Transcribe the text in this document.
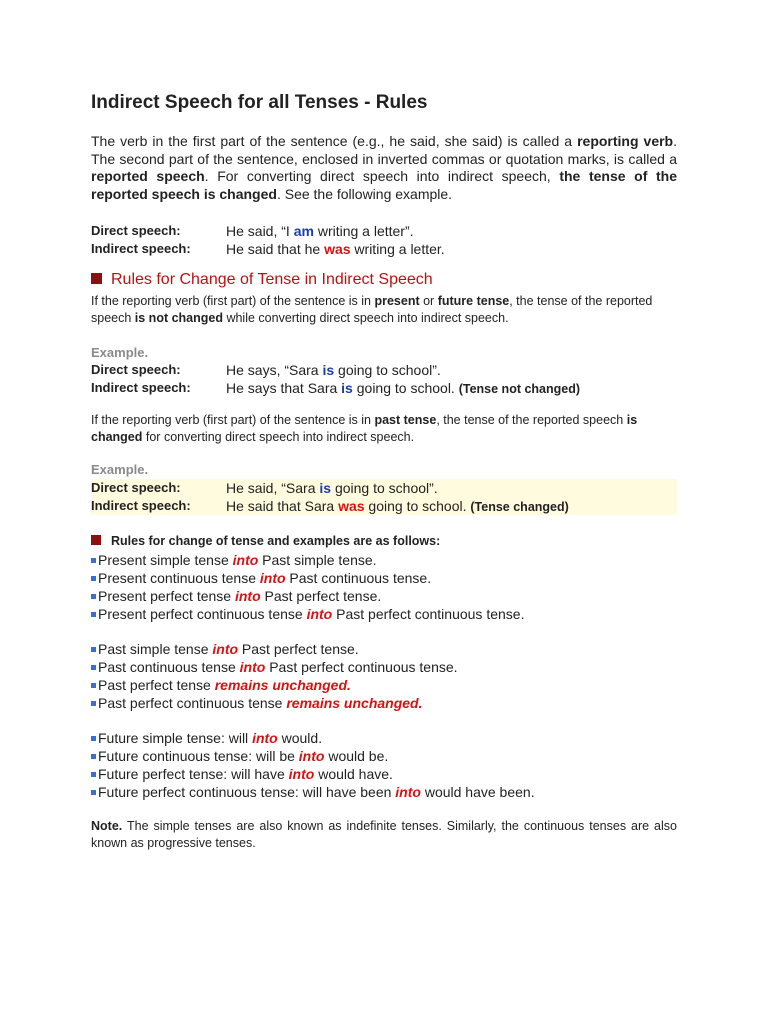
Indirect Speech for all Tenses - Rules
The verb in the first part of the sentence (e.g., he said, she said) is called a reporting verb. The second part of the sentence, enclosed in inverted commas or quotation marks, is called a reported speech. For converting direct speech into indirect speech, the tense of the reported speech is changed. See the following example.
Direct speech:	He said, “I am writing a letter”.
Indirect speech:	He said that he was writing a letter.
Rules for Change of Tense in Indirect Speech
If the reporting verb (first part) of the sentence is in present or future tense, the tense of the reported speech is not changed while converting direct speech into indirect speech.
Example.
Direct speech:	He says, “Sara is going to school”.
Indirect speech:	He says that Sara is going to school. (Tense not changed)
If the reporting verb (first part) of the sentence is in past tense, the tense of the reported speech is changed for converting direct speech into indirect speech.
Example.
Direct speech:	He said, “Sara is going to school”.
Indirect speech:	He said that Sara was going to school. (Tense changed)
Rules for change of tense and examples are as follows:
Present simple tense into Past simple tense.
Present continuous tense into Past continuous tense.
Present perfect tense into Past perfect tense.
Present perfect continuous tense into Past perfect continuous tense.
Past simple tense into Past perfect tense.
Past continuous tense into Past perfect continuous tense.
Past perfect tense remains unchanged.
Past perfect continuous tense remains unchanged.
Future simple tense: will into would.
Future continuous tense: will be into would be.
Future perfect tense: will have into would have.
Future perfect continuous tense: will have been into would have been.
Note. The simple tenses are also known as indefinite tenses. Similarly, the continuous tenses are also known as progressive tenses.
